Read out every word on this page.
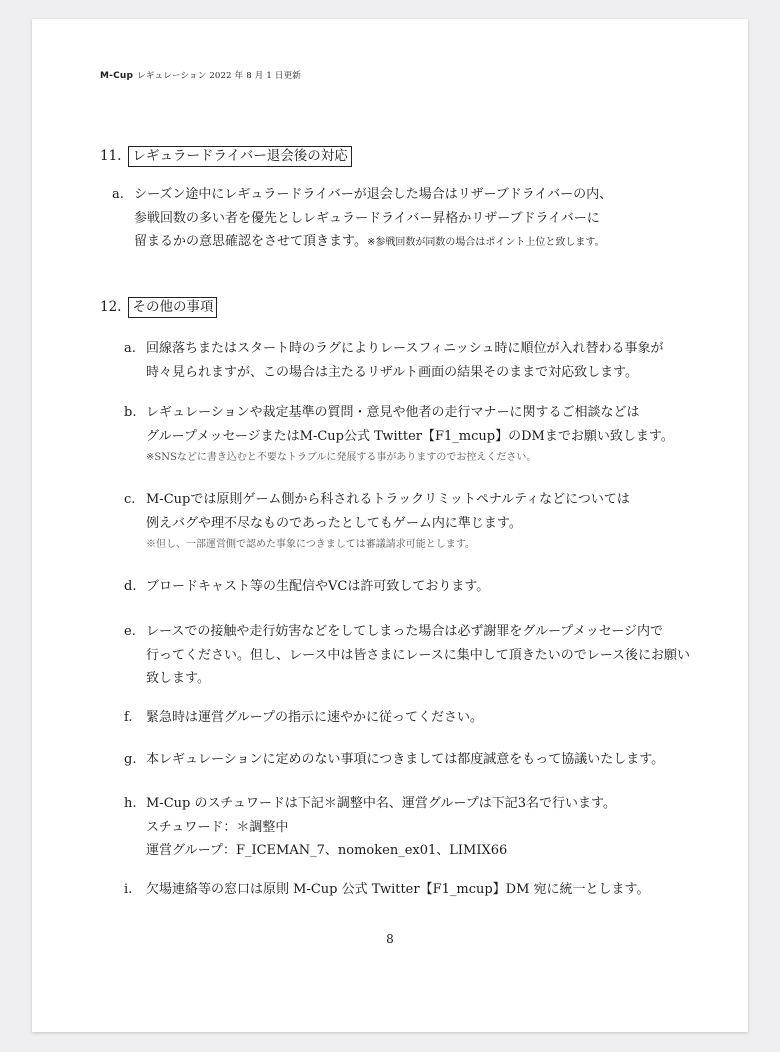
M-Cup レギュレーション 2022 年 8 月 1 日更新
11. レギュラードライバー退会後の対応
a. シーズン途中にレギュラードライバーが退会した場合はリザーブドライバーの内、
参戦回数の多い者を優先としレギュラードライバー昇格かリザーブドライバーに
留まるかの意思確認をさせて頂きます。※参戦回数が同数の場合はポイント上位と致します。
12. その他の事項
a. 回線落ちまたはスタート時のラグによりレースフィニッシュ時に順位が入れ替わる事象が
時々見られますが、この場合は主たるリザルト画面の結果そのままで対応致します。
b. レギュレーションや裁定基準の質問・意見や他者の走行マナーに関するご相談などは
グループメッセージまたはM-Cup公式 Twitter【F1_mcup】のDMまでお願い致します。
※SNSなどに書き込むと不要なトラブルに発展する事がありますのでお控えください。
c. M-Cupでは原則ゲーム側から科されるトラックリミットペナルティなどについては
例えバグや理不尽なものであったとしてもゲーム内に準じます。
※但し、一部運営側で認めた事象につきましては審議請求可能とします。
d. ブロードキャスト等の生配信やVCは許可致しております。
e. レースでの接触や走行妨害などをしてしまった場合は必ず謝罪をグループメッセージ内で
行ってください。但し、レース中は皆さまにレースに集中して頂きたいのでレース後にお願い
致します。
f.	緊急時は運営グループの指示に速やかに従ってください。
g. 本レギュレーションに定めのない事項につきましては都度誠意をもって協議いたします。
h. M-Cup のスチュワードは下記＊調整中名、運営グループは下記3名で行います。
スチュワード：＊調整中
運営グループ：F_ICEMAN_7、nomoken_ex01、LIMIX66
i.	欠場連絡等の窓口は原則 M-Cup 公式 Twitter【F1_mcup】DM 宛に統一とします。
8
